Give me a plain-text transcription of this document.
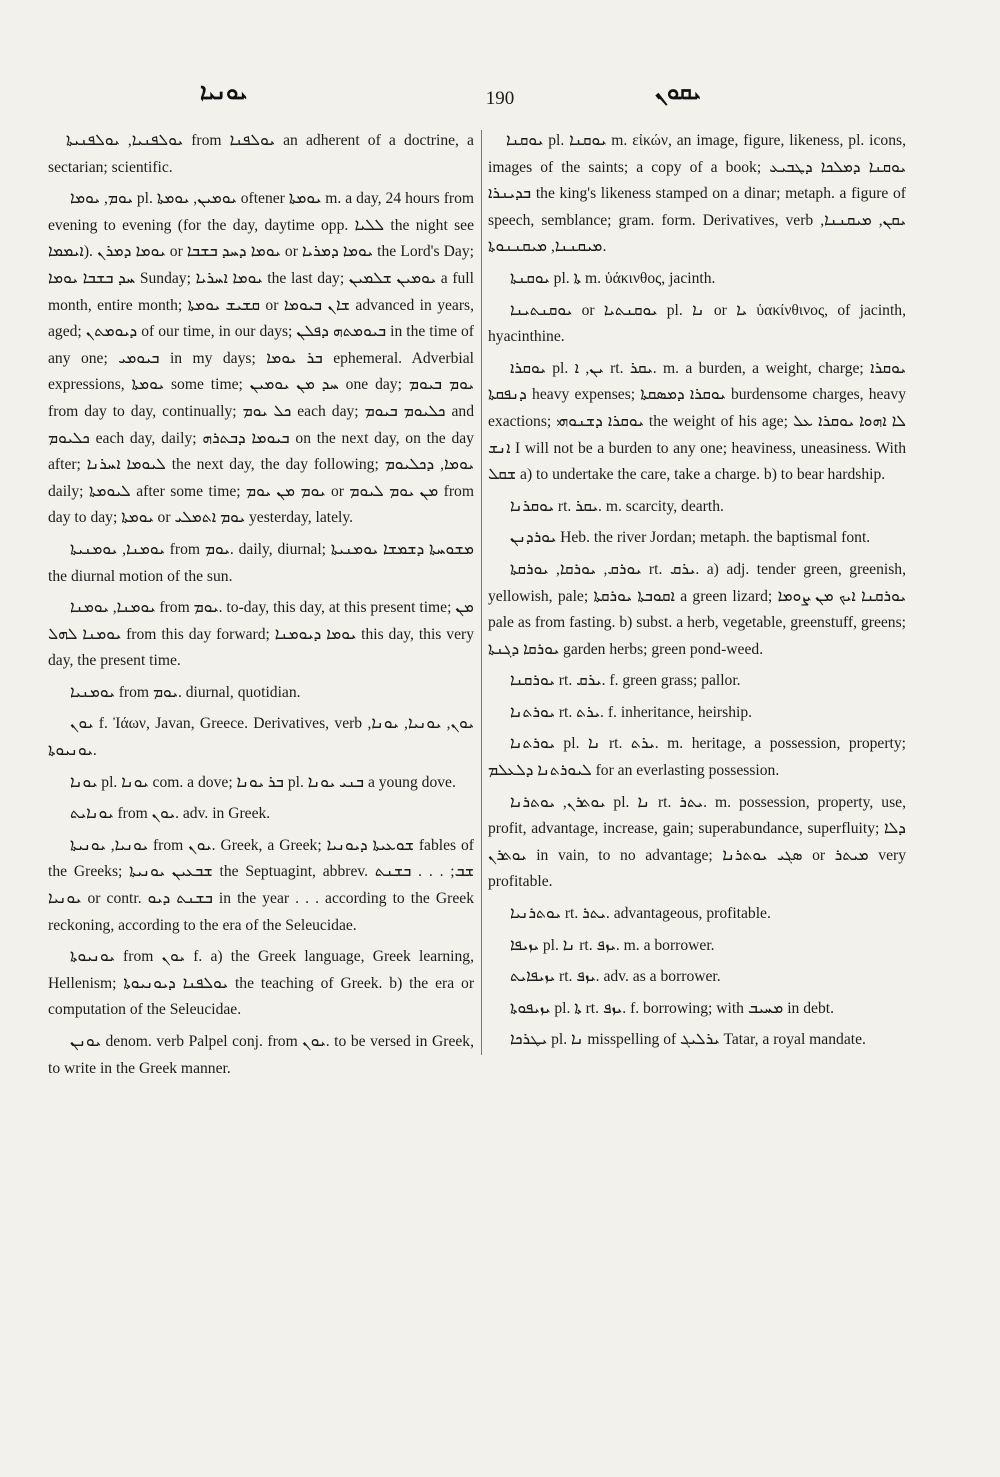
ܝܘܢܝܐ	190	ܝܩܘܢ

ܝܘܠܦܢܝܐ, ܝܘܠܦܢܝܬܐ from ܝܘܠܦܢܐ an adherent of a doctrine, a sectarian; scientific.

ܝܘܡ, ܝܘܡܐ pl. ܝܘܡܝܢ, ܝܘܡܬܐ oftener ܝܘܡܬܐ m. a day, 24 hours from evening to evening (for the day, daytime opp. ܠܠܝܐ the night see ܐܝܡܡܐ). ܝܘܡܐ ܕܡܪܢ or ܝܘܡܐ ܕܚܕ ܒܫܒܐ or ܝܘܡܐ ܕܡܪܝܐ the Lord's Day; ܚܕ ܒܫܒܐ ܝܘܡܐ Sunday; ܝܘܡܐ ܐܚܪܝܐ the last day; ܝܘܡܝܢ ܫܠܡܝܢ a full month, entire month; ܩܫܝܫ ܝܘܡܬܐ or ܫܐܢ ܒܝܘܡܐ advanced in years, aged; ܕܝܘܡܬܢ of our time, in our days; ܒܝܘܡܬܗ ܕܦܠܢ in the time of any one; ܒܝܘܡܝ in my days; ܒܪ ܝܘܡܐ ephemeral. Adverbial expressions, ܝܘܡܬܐ some time; ܚܕ ܡܢ ܝܘܡܝܢ one day; ܝܘܡ ܒܝܘܡ from day to day, continually; ܟܠ ܝܘܡ each day; ܟܠܝܘܡ ܒܝܘܡ and ܟܠܝܘܡ each day, daily; ܒܝܘܡܐ ܕܒܬܪܗ on the next day, on the day after; ܠܝܘܡܐ ܐܚܪܢܐ the next day, the day following; ܝܘܡܐ, ܕܟܠܝܘܡ daily; ܠܝܘܡܬܐ after some time; ܝܘܡ ܡܢ ܝܘܡ or ܡܢ ܝܘܡ ܠܝܘܡ from day to day; ܝܘܡܬܐ or ܝܘܡ ܐܬܡܠܝ yesterday, lately.

ܝܘܡܢܐ, ܝܘܡܢܝܬܐ from ܝܘܡ. daily, diurnal; ܡܫܘܚܬܐ ܕܫܡܫܐ ܝܘܡܢܝܬܐ the diurnal motion of the sun.

ܝܘܡܢܐ, ܝܘܡܢܐ from ܝܘܡ. to-day, this day, at this present time; ܡܢ ܝܘܡܢܐ ܠܗܠ from this day forward; ܝܘܡܐ ܕܝܘܡܢܐ this day, this very day, the present time.

ܝܘܡܢܝܐ from ܝܘܡ. diurnal, quotidian.

ܝܘܢ f. Ἰάων, Javan, Greece. Derivatives, verb ܝܘܢ, ܝܘܢܝܐ, ܝܘܢܐ, ܝܘܢܝܘܬܐ.

ܝܘܢܐ pl. ܝܘܢܐ com. a dove; ܒܪ ܝܘܢܐ pl. ܒܢܝ ܝܘܢܐ a young dove.

ܝܘܢܐܝܬ from ܝܘܢ. adv. in Greek.

ܝܘܢܝܐ, ܝܘܢܝܬܐ from ܝܘܢ. Greek, a Greek; ܫܘܥܝܬܐ ܕܝܘܢܝܐ fables of the Greeks; ܫܒܥܝܢ ܝܘܢܝܬܐ the Septuagint, abbrev. ܫܒ; . . . ܒܫܢܬ ܝܘܢܝܐ or contr. ܒܫܢܬ ܕܝܘ in the year . . . according to the Greek reckoning, according to the era of the Seleucidae.

ܝܘܢܝܘܬܐ from ܝܘܢ f. a) the Greek language, Greek learning, Hellenism; ܝܘܠܦܢܐ ܕܝܘܢܝܘܬܐ the teaching of Greek. b) the era or computation of the Seleucidae.

ܝܘܢܢ denom. verb Palpel conj. from ܝܘܢ. to be versed in Greek, to write in the Greek manner.

ܝܘܩܢܐ pl. ܝܘܩܢܐ m. εἰκών, an image, figure, likeness, pl. icons, images of the saints; a copy of a book; ܝܘܩܢܐ ܕܡܠܟܐ ܕܛܒܝܥ ܒܕܝܢܪܐ the king's likeness stamped on a dinar; metaph. a figure of speech, semblance; gram. form. Derivatives, verb ܝܩܢ, ܡܝܩܢܢܐ, ܡܝܩܢܢܐ, ܡܝܩܢܢܘܬܐ.

ܝܘܩܢܬܐ pl. ܬܐ m. ὑάκινθος, jacinth.

ܝܘܩܢܬܝܢܐ or ܝܘܩܢܬܝܐ pl. ܢܐ or ܝܐ ὑακίνθινος, of jacinth, hyacinthine.

ܝܘܩܪܐ pl. ܝܢ, ܐ rt. ܝܩܪ. m. a burden, a weight, charge; ܝܘܩܪܐ ܕܢܦܩܬܐ heavy expenses; ܝܘܩܪܐ ܕܡܣܩܬܐ burdensome charges, heavy exactions; ܝܘܩܪܐ ܕܫܢܘܗܝ the weight of his age; ܠܐ ܐܗܘܐ ܝܘܩܪܐ ܥܠ ܐܢܫ I will not be a burden to any one; heaviness, uneasiness. With ܫܩܠ a) to undertake the care, take a charge. b) to bear hardship.

ܝܘܩܪܢܐ rt. ܝܩܪ. m. scarcity, dearth.

ܝܘܪܕܢܢ Heb. the river Jordan; metaph. the baptismal font.

ܝܘܪܩ, ܝܘܪܩܐ, ܝܘܪܩܬܐ rt. ܝܪܩ. a) adj. tender green, greenish, yellowish, pale; ܐܩܘܒܬܐ ܝܘܪܩܬܐ a green lizard; ܝܘܪܩܢܐ ܐܝܟ ܡܢ ܨܘܡܐ pale as from fasting. b) subst. a herb, vegetable, greenstuff, greens; ܝܘܪܩܐ ܕܓܢܬܐ garden herbs; green pond-weed.

ܝܘܪܩܢܐ rt. ܝܪܩ. f. green grass; pallor.

ܝܘܪܬܢܐ rt. ܝܪܬ. f. inheritance, heirship.

ܝܘܪܬܢܐ pl. ܢܐ rt. ܝܪܬ. m. heritage, a possession, property; ܠܝܘܪܬܢܐ ܕܠܥܠܡ for an everlasting possession.

ܝܘܬܪܢ, ܝܘܬܪܢܐ pl. ܢܐ rt. ܝܬܪ. m. possession, property, use, profit, advantage, increase, gain; superabundance, superfluity; ܕܠܐ ܝܘܬܪܢ in vain, to no advantage; ܣܓܝ ܝܘܬܪܢܐ or ܡܝܬܪ very profitable.

ܝܘܬܪܢܝܐ rt. ܝܬܪ. advantageous, profitable.

ܝܙܝܦܐ pl. ܢܐ rt. ܝܙܦ. m. a borrower.

ܝܙܝܦܐܝܬ rt. ܝܙܦ. adv. as a borrower.

ܝܙܝܦܘܬܐ pl. ܬܐ rt. ܝܙܦ. f. borrowing; with ܡܚܝܒ in debt.

ܝܛܪܟܐ pl. ܢܐ misspelling of ܝܪܠܝܓ Tatar, a royal mandate.
